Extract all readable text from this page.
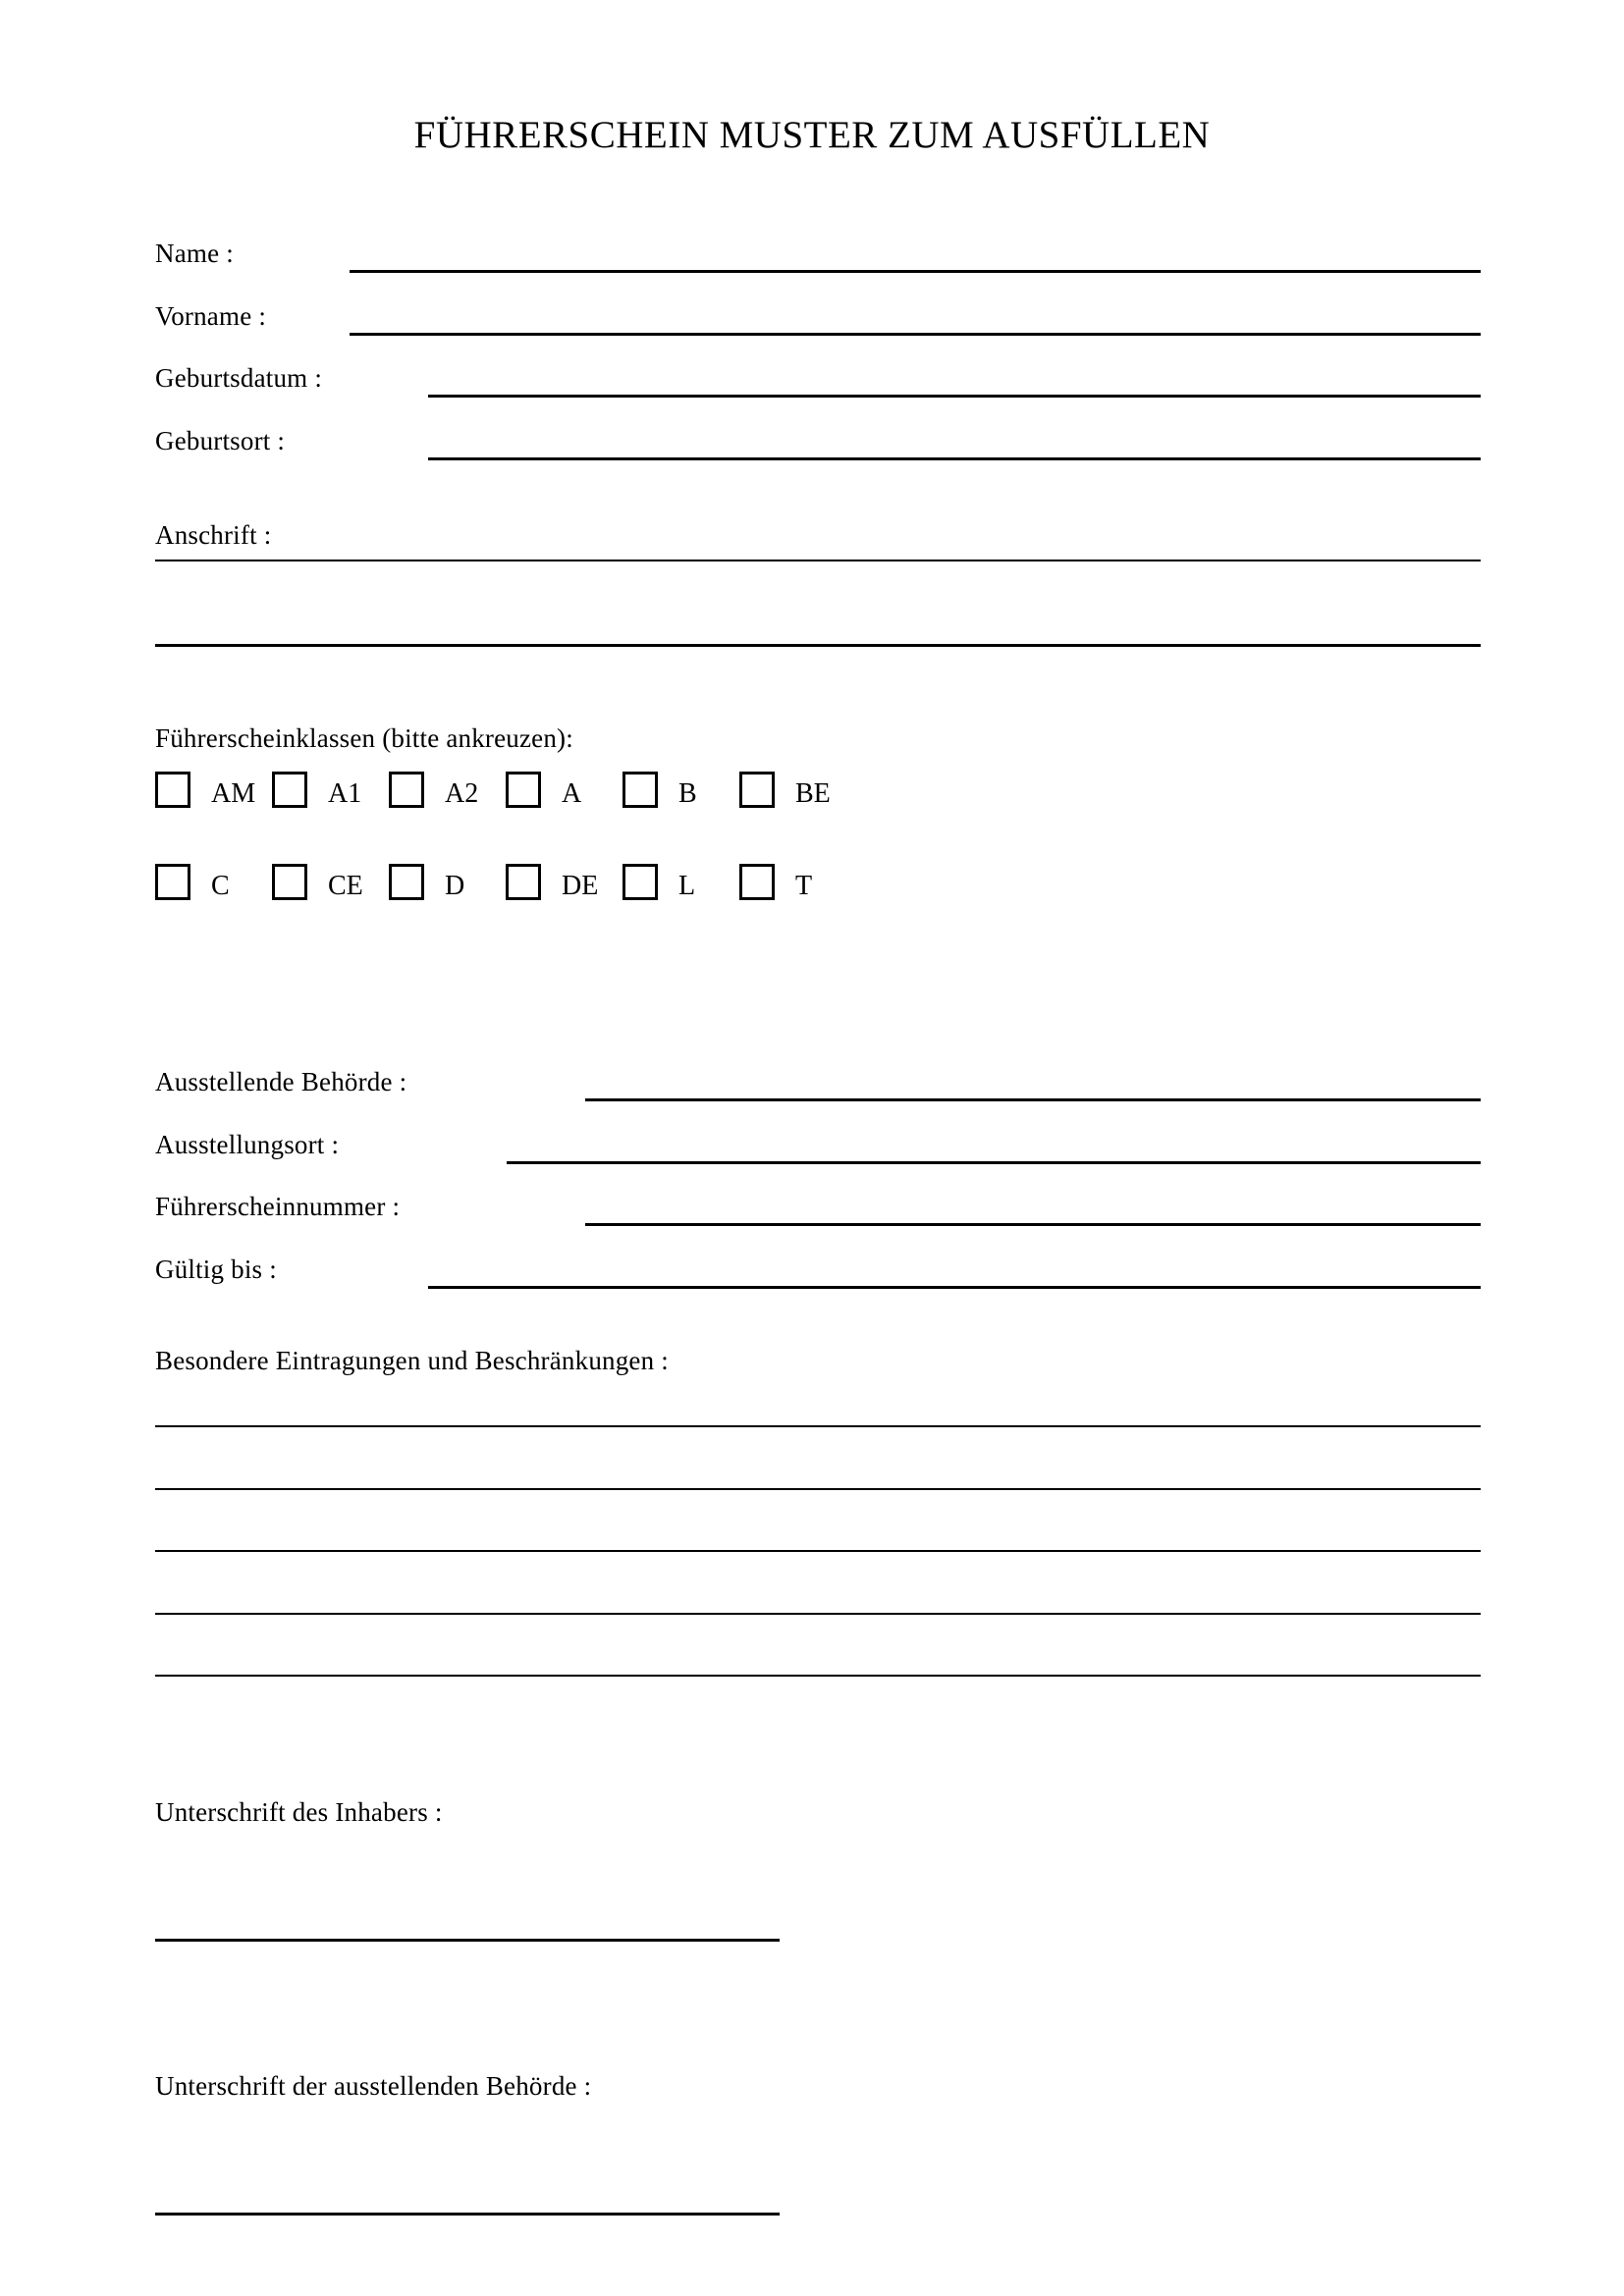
FÜHRERSCHEIN MUSTER ZUM AUSFÜLLEN
Name :
Vorname :
Geburtsdatum :
Geburtsort :
Anschrift :
Führerscheinklassen (bitte ankreuzen):
AM	A1	A2	A	B	BE
C	CE	D	DE	L	T
Ausstellende Behörde :
Ausstellungsort :
Führerscheinnummer :
Gültig bis :
Besondere Eintragungen und Beschränkungen :
Unterschrift des Inhabers :
Unterschrift der ausstellenden Behörde :
